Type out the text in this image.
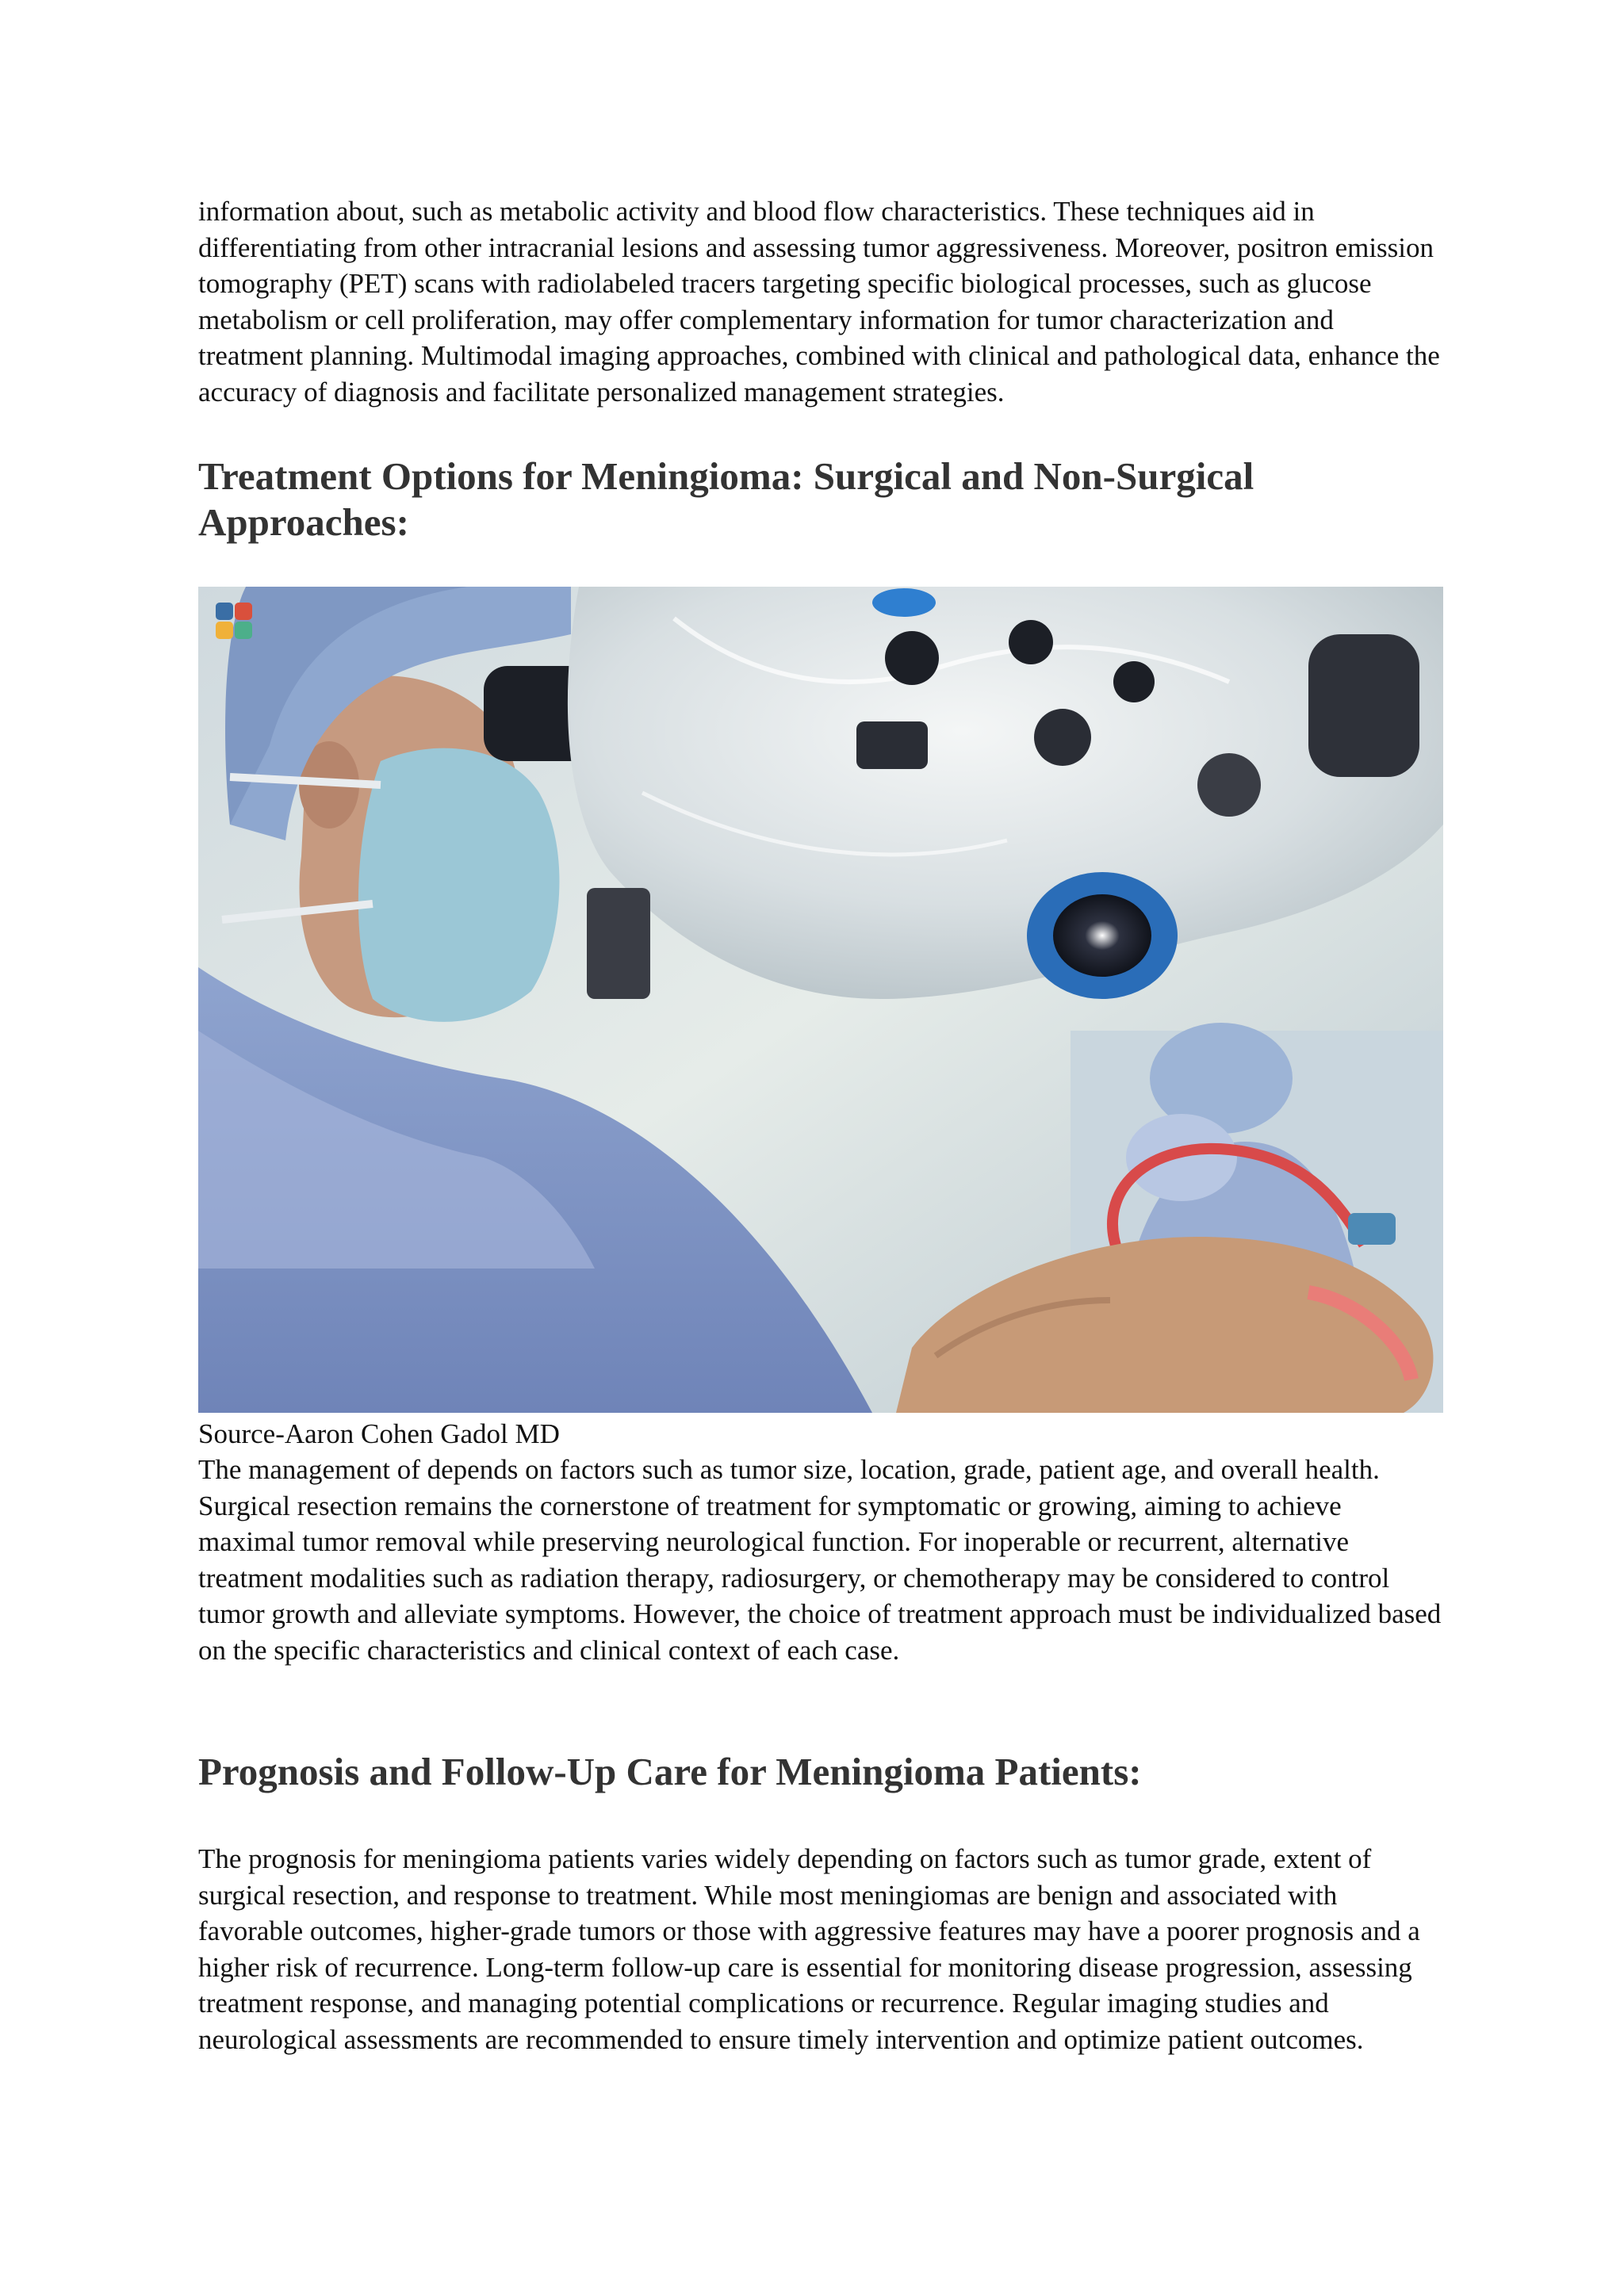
information about, such as metabolic activity and blood flow characteristics. These techniques aid in differentiating from other intracranial lesions and assessing tumor aggressiveness. Moreover, positron emission tomography (PET) scans with radiolabeled tracers targeting specific biological processes, such as glucose metabolism or cell proliferation, may offer complementary information for tumor characterization and treatment planning. Multimodal imaging approaches, combined with clinical and pathological data, enhance the accuracy of diagnosis and facilitate personalized management strategies.

Treatment Options for Meningioma: Surgical and Non-Surgical Approaches:

Source-Aaron Cohen Gadol MD

The management of depends on factors such as tumor size, location, grade, patient age, and overall health. Surgical resection remains the cornerstone of treatment for symptomatic or growing, aiming to achieve maximal tumor removal while preserving neurological function. For inoperable or recurrent, alternative treatment modalities such as radiation therapy, radiosurgery, or chemotherapy may be considered to control tumor growth and alleviate symptoms. However, the choice of treatment approach must be individualized based on the specific characteristics and clinical context of each case.

Prognosis and Follow-Up Care for Meningioma Patients:

The prognosis for meningioma patients varies widely depending on factors such as tumor grade, extent of surgical resection, and response to treatment. While most meningiomas are benign and associated with favorable outcomes, higher-grade tumors or those with aggressive features may have a poorer prognosis and a higher risk of recurrence. Long-term follow-up care is essential for monitoring disease progression, assessing treatment response, and managing potential complications or recurrence. Regular imaging studies and neurological assessments are recommended to ensure timely intervention and optimize patient outcomes.
